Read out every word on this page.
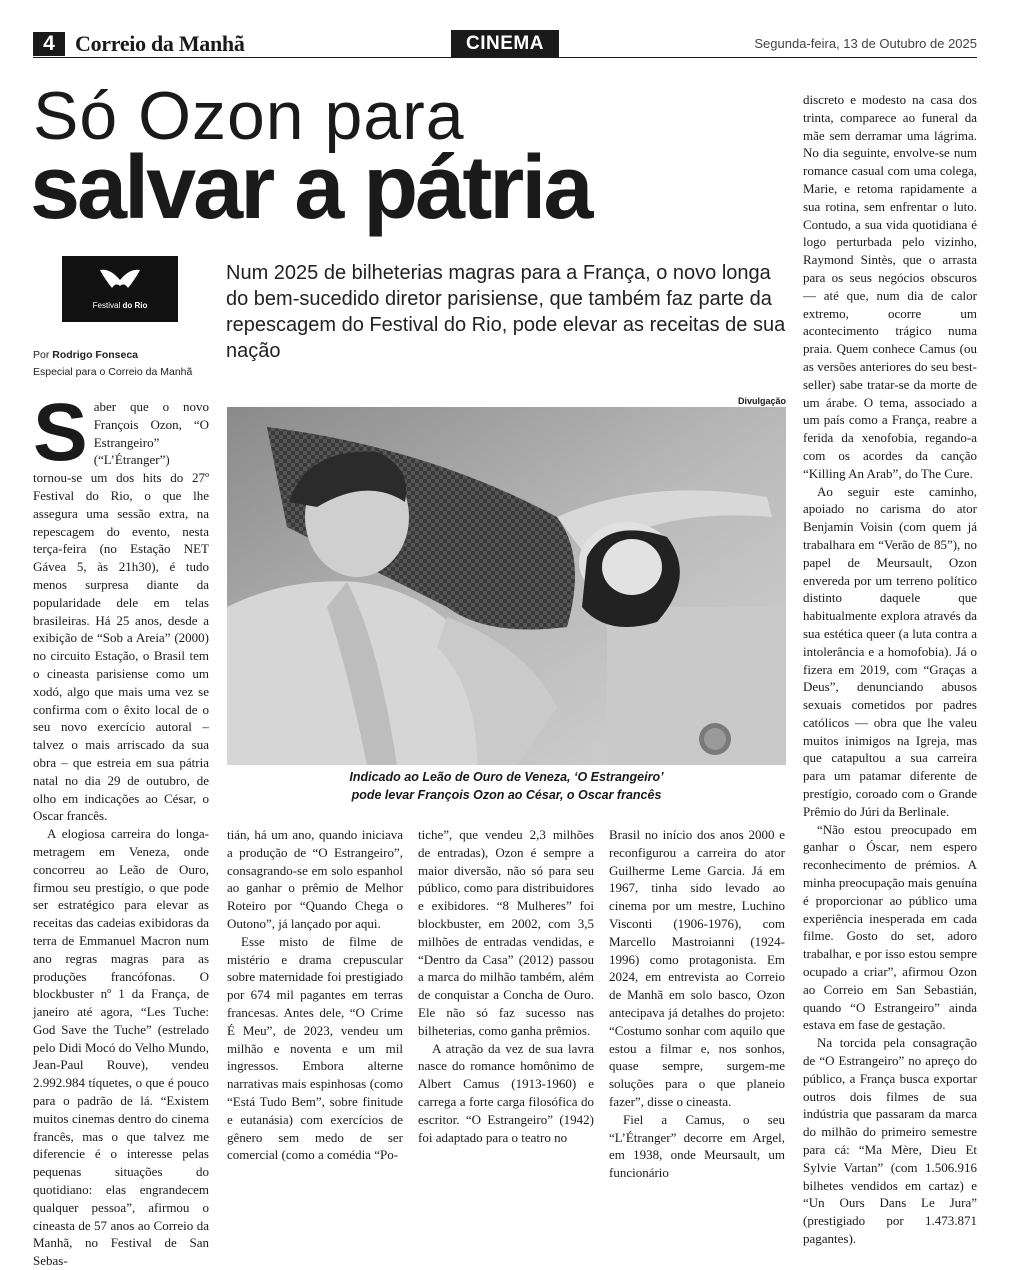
4 Correio da Manhã	CINEMA	Segunda-feira, 13 de Outubro de 2025
Só Ozon para
salvar a pátria
Festival do Rio
Por Rodrigo Fonseca
Especial para o Correio da Manhã
Num 2025 de bilheterias magras para a França, o novo longa do bem-sucedido diretor parisiense, que também faz parte da repescagem do Festival do Rio, pode elevar as receitas de sua nação
Divulgação
Indicado ao Leão de Ouro de Veneza, ‘O Estrangeiro’
pode levar François Ozon ao César, o Oscar francês

Saber que o novo François Ozon, “O Estrangeiro” (“L’Étranger”) tornou-se um dos hits do 27º Festival do Rio, o que lhe assegura uma sessão extra, na repescagem do evento, nesta terça-feira (no Estação NET Gávea 5, às 21h30), é tudo menos surpresa diante da popularidade dele em telas brasileiras. Há 25 anos, desde a exibição de “Sob a Areia” (2000) no circuito Estação, o Brasil tem o cineasta parisiense como um xodó, algo que mais uma vez se confirma com o êxito local de o seu novo exercício autoral – talvez o mais arriscado da sua obra – que estreia em sua pátria natal no dia 29 de outubro, de olho em indicações ao César, o Oscar francês.

A elogiosa carreira do longa-metragem em Veneza, onde concorreu ao Leão de Ouro, firmou seu prestígio, o que pode ser estratégico para elevar as receitas das cadeias exibidoras da terra de Emmanuel Macron num ano regras magras para as produções francófonas. O blockbuster nº 1 da França, de janeiro até agora, “Les Tuche: God Save the Tuche” (estrelado pelo Didi Mocó do Velho Mundo, Jean-Paul Rouve), vendeu 2.992.984 tíquetes, o que é pouco para o padrão de lá. “Existem muitos cinemas dentro do cinema francês, mas o que talvez me diferencie é o interesse pelas pequenas situações do quotidiano: elas engrandecem qualquer pessoa”, afirmou o cineasta de 57 anos ao Correio da Manhã, no Festival de San Sebas-

tián, há um ano, quando iniciava a produção de “O Estrangeiro”, consagrando-se em solo espanhol ao ganhar o prêmio de Melhor Roteiro por “Quando Chega o Outono”, já lançado por aqui.

Esse misto de filme de mistério e drama crepuscular sobre maternidade foi prestigiado por 674 mil pagantes em terras francesas. Antes dele, “O Crime É Meu”, de 2023, vendeu um milhão e noventa e um mil ingressos. Embora alterne narrativas mais espinhosas (como “Está Tudo Bem”, sobre finitude e eutanásia) com exercícios de gênero sem medo de ser comercial (como a comédia “Po-

tiche”, que vendeu 2,3 milhões de entradas), Ozon é sempre a maior diversão, não só para seu público, como para distribuidores e exibidores. “8 Mulheres” foi blockbuster, em 2002, com 3,5 milhões de entradas vendidas, e “Dentro da Casa” (2012) passou a marca do milhão também, além de conquistar a Concha de Ouro. Ele não só faz sucesso nas bilheterias, como ganha prêmios.

A atração da vez de sua lavra nasce do romance homônimo de Albert Camus (1913-1960) e carrega a forte carga filosófica do escritor. “O Estrangeiro” (1942) foi adaptado para o teatro no

Brasil no início dos anos 2000 e reconfigurou a carreira do ator Guilherme Leme Garcia. Já em 1967, tinha sido levado ao cinema por um mestre, Luchino Visconti (1906-1976), com Marcello Mastroianni (1924-1996) como protagonista. Em 2024, em entrevista ao Correio de Manhã em solo basco, Ozon antecipava já detalhes do projeto: “Costumo sonhar com aquilo que estou a filmar e, nos sonhos, quase sempre, surgem-me soluções para o que planeio fazer”, disse o cineasta.

Fiel a Camus, o seu “L’Étranger” decorre em Argel, em 1938, onde Meursault, um funcionário

discreto e modesto na casa dos trinta, comparece ao funeral da mãe sem derramar uma lágrima. No dia seguinte, envolve-se num romance casual com uma colega, Marie, e retoma rapidamente a sua rotina, sem enfrentar o luto. Contudo, a sua vida quotidiana é logo perturbada pelo vizinho, Raymond Sintès, que o arrasta para os seus negócios obscuros — até que, num dia de calor extremo, ocorre um acontecimento trágico numa praia. Quem conhece Camus (ou as versões anteriores do seu best-seller) sabe tratar-se da morte de um árabe. O tema, associado a um país como a França, reabre a ferida da xenofobia, regando-a com os acordes da canção “Killing An Arab”, do The Cure.

Ao seguir este caminho, apoiado no carisma do ator Benjamin Voisin (com quem já trabalhara em “Verão de 85”), no papel de Meursault, Ozon envereda por um terreno político distinto daquele que habitualmente explora através da sua estética queer (a luta contra a intolerância e a homofobia). Já o fizera em 2019, com “Graças a Deus”, denunciando abusos sexuais cometidos por padres católicos — obra que lhe valeu muitos inimigos na Igreja, mas que catapultou a sua carreira para um patamar diferente de prestígio, coroado com o Grande Prêmio do Júri da Berlinale.

“Não estou preocupado em ganhar o Óscar, nem espero reconhecimento de prémios. A minha preocupação mais genuína é proporcionar ao público uma experiência inesperada em cada filme. Gosto do set, adoro trabalhar, e por isso estou sempre ocupado a criar”, afirmou Ozon ao Correio em San Sebastián, quando “O Estrangeiro” ainda estava em fase de gestação.

Na torcida pela consagração de “O Estrangeiro” no apreço do público, a França busca exportar outros dois filmes de sua indústria que passaram da marca do milhão do primeiro semestre para cá: “Ma Mère, Dieu Et Sylvie Vartan” (com 1.506.916 bilhetes vendidos em cartaz) e “Un Ours Dans Le Jura” (prestigiado por 1.473.871 pagantes).
